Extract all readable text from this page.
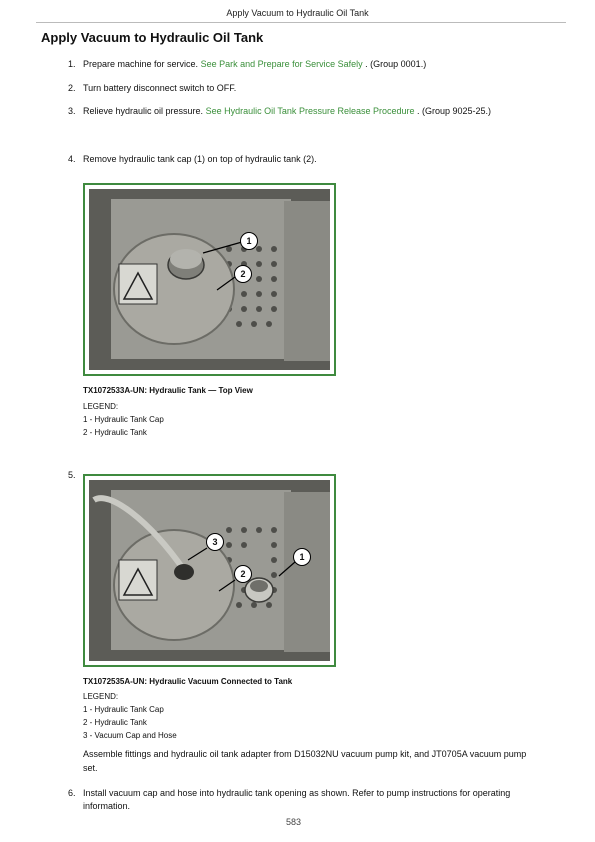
Apply Vacuum to Hydraulic Oil Tank
Apply Vacuum to Hydraulic Oil Tank
1. Prepare machine for service. See Park and Prepare for Service Safely . (Group 0001.)
2. Turn battery disconnect switch to OFF.
3. Relieve hydraulic oil pressure. See Hydraulic Oil Tank Pressure Release Procedure . (Group 9025-25.)
4. Remove hydraulic tank cap (1) on top of hydraulic tank (2).
1
2
TX1072533A-UN: Hydraulic Tank — Top View
LEGEND:
1 - Hydraulic Tank Cap
2 - Hydraulic Tank
5.
3
1
2
TX1072535A-UN: Hydraulic Vacuum Connected to Tank
LEGEND:
1 - Hydraulic Tank Cap
2 - Hydraulic Tank
3 - Vacuum Cap and Hose
Assemble fittings and hydraulic oil tank adapter from D15032NU vacuum pump kit, and JT0705A vacuum pump set.
6. Install vacuum cap and hose into hydraulic tank opening as shown. Refer to pump instructions for operating information.
583
